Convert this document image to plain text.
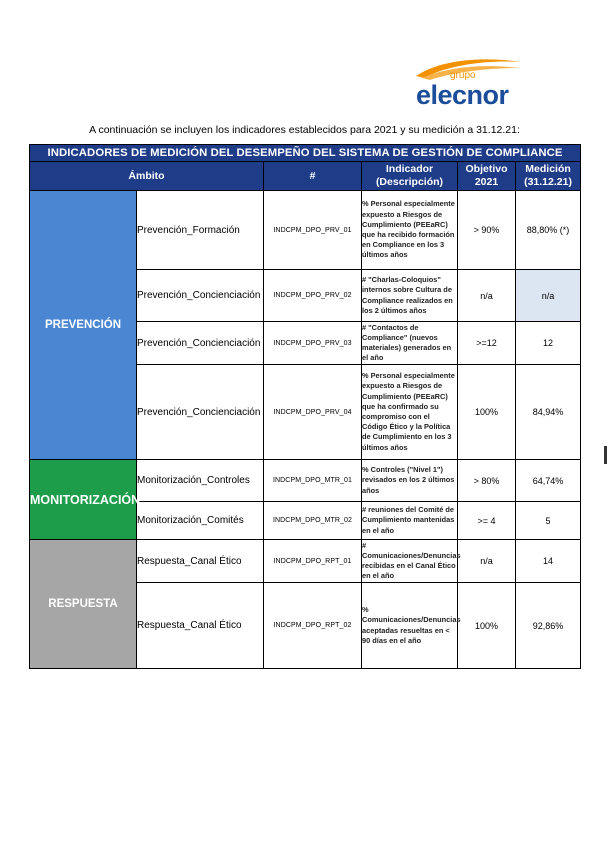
grupo
elecnor
A continuación se incluyen los indicadores establecidos para 2021 y su medición a 31.12.21:
INDICADORES DE MEDICIÓN DEL DESEMPEÑO DEL SISTEMA DE GESTIÓN DE COMPLIANCE					
Ámbito		#	Indicador (Descripción)	Objetivo 2021	Medición (31.12.21)
PREVENCIÓN	Prevención_Formación	INDCPM_DPO_PRV_01	% Personal especialmente expuesto a Riesgos de Cumplimiento (PEEaRC) que ha recibido formación en Compliance en los 3 últimos años	> 90%	88,80% (*)
	Prevención_Concienciación	INDCPM_DPO_PRV_02	# "Charlas-Coloquios" internos sobre Cultura de Compliance realizados en los 2 últimos años	n/a	n/a
	Prevención_Concienciación	INDCPM_DPO_PRV_03	# "Contactos de Compliance" (nuevos materiales) generados en el año	>=12	12
	Prevención_Concienciación	INDCPM_DPO_PRV_04	% Personal especialmente expuesto a Riesgos de Cumplimiento (PEEaRC) que ha confirmado su compromiso con el Código Ético y la Política de Cumplimiento en los 3 últimos años	100%	84,94%
MONITORIZACIÓN	Monitorización_Controles	INDCPM_DPO_MTR_01	% Controles ("Nivel 1") revisados en los 2 últimos años	> 80%	64,74%
	Monitorización_Comités	INDCPM_DPO_MTR_02	# reuniones del Comité de Cumplimiento mantenidas en el año	>= 4	5
RESPUESTA	Respuesta_Canal Ético	INDCPM_DPO_RPT_01	# Comunicaciones/Denuncias recibidas en el Canal Ético en el año	n/a	14
	Respuesta_Canal Ético	INDCPM_DPO_RPT_02	% Comunicaciones/Denuncias aceptadas resueltas en < 90 días en el año	100%	92,86%
